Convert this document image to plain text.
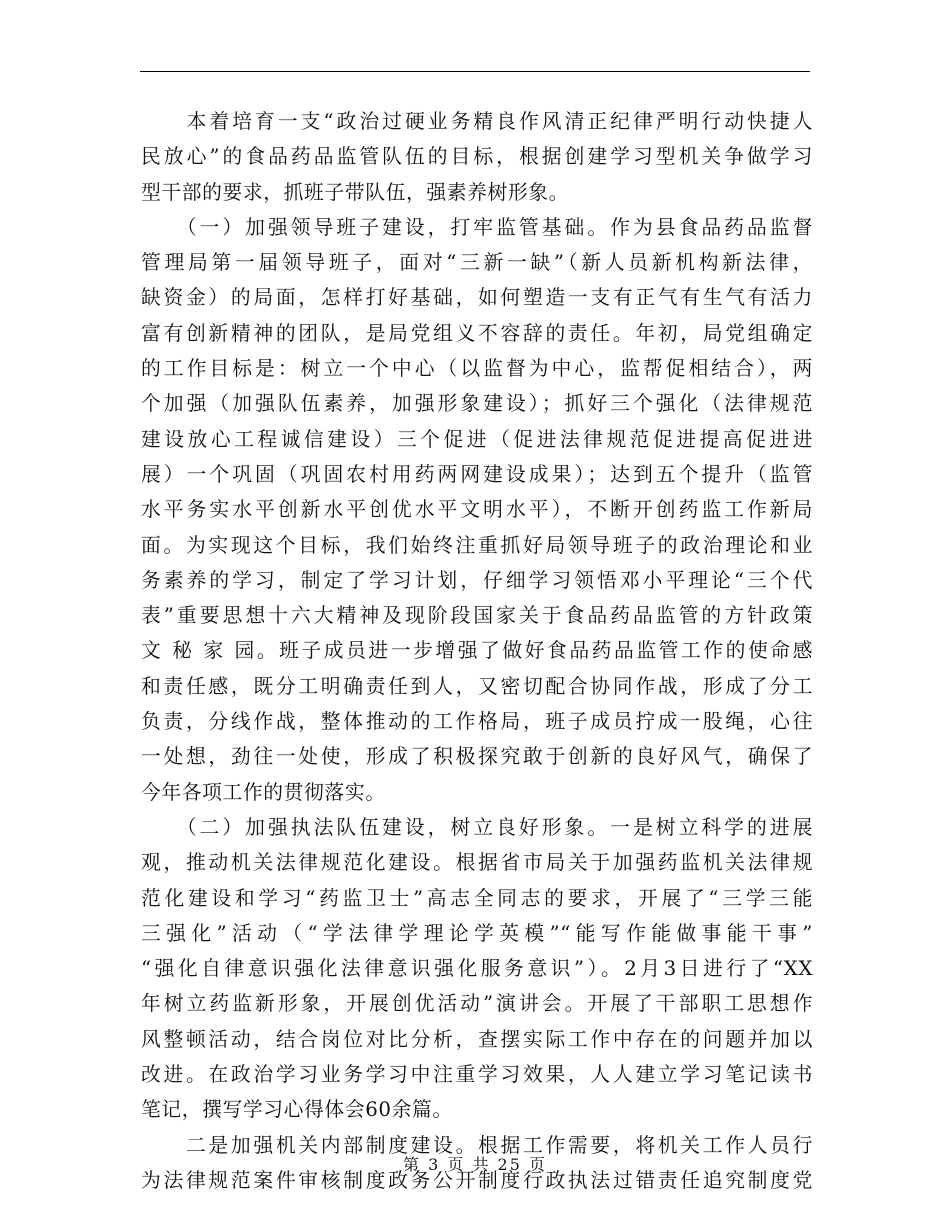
　　本着培育一支“政治过硬业务精良作风清正纪律严明行动快捷人
民放心”的食品药品监管队伍的目标，根据创建学习型机关争做学习
型干部的要求，抓班子带队伍，强素养树形象。
　　（一）加强领导班子建设，打牢监管基础。作为县食品药品监督
管理局第一届领导班子，面对“三新一缺”（新人员新机构新法律，
缺资金）的局面，怎样打好基础，如何塑造一支有正气有生气有活力
富有创新精神的团队，是局党组义不容辞的责任。年初，局党组确定
的工作目标是：树立一个中心（以监督为中心，监帮促相结合），两
个加强（加强队伍素养，加强形象建设）；抓好三个强化（法律规范
建设放心工程诚信建设）三个促进（促进法律规范促进提高促进进
展）一个巩固（巩固农村用药两网建设成果）；达到五个提升（监管
水平务实水平创新水平创优水平文明水平），不断开创药监工作新局
面。为实现这个目标，我们始终注重抓好局领导班子的政治理论和业
务素养的学习，制定了学习计划，仔细学习领悟邓小平理论“三个代
表”重要思想十六大精神及现阶段国家关于食品药品监管的方针政策
文 秘 家 园。班子成员进一步增强了做好食品药品监管工作的使命感
和责任感，既分工明确责任到人，又密切配合协同作战，形成了分工
负责，分线作战，整体推动的工作格局，班子成员拧成一股绳，心往
一处想，劲往一处使，形成了积极探究敢于创新的良好风气，确保了
今年各项工作的贯彻落实。
　　（二）加强执法队伍建设，树立良好形象。一是树立科学的进展
观，推动机关法律规范化建设。根据省市局关于加强药监机关法律规
范化建设和学习“药监卫士”高志全同志的要求，开展了“三学三能
三强化”活动（“学法律学理论学英模”“能写作能做事能干事”
“强化自律意识强化法律意识强化服务意识”）。2月3日进行了“XX
年树立药监新形象，开展创优活动”演讲会。开展了干部职工思想作
风整顿活动，结合岗位对比分析，查摆实际工作中存在的问题并加以
改进。在政治学习业务学习中注重学习效果，人人建立学习笔记读书
笔记，撰写学习心得体会60余篇。
　　二是加强机关内部制度建设。根据工作需要，将机关工作人员行
为法律规范案件审核制度政务公开制度行政执法过错责任追究制度党
第 3 页 共 25 页
